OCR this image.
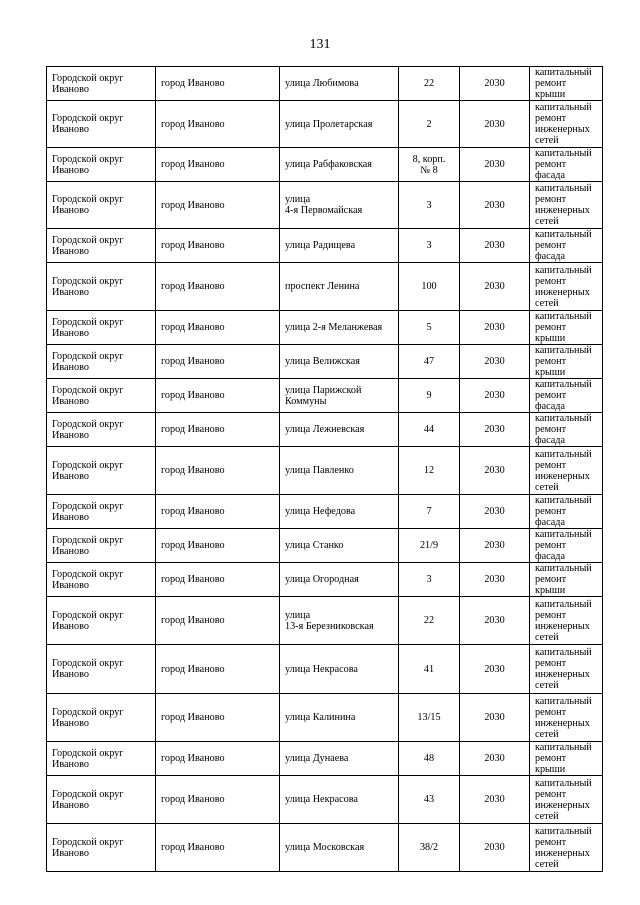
131
Городской округ
Иваново	город Иваново	улица Любимова	22	2030	капитальный
ремонт крыши

Городской округ
Иваново	город Иваново	улица Пролетарская	2	2030	капитальный
ремонт
инженерных
сетей

Городской округ
Иваново	город Иваново	улица Рабфаковская	8, корп.
№ 8	2030	капитальный
ремонт фасада

Городской округ
Иваново	город Иваново	улица
4-я Первомайская	3	2030	капитальный
ремонт
инженерных
сетей

Городской округ
Иваново	город Иваново	улица Радищева	3	2030	капитальный
ремонт фасада

Городской округ
Иваново	город Иваново	проспект Ленина	100	2030	капитальный
ремонт
инженерных
сетей

Городской округ
Иваново	город Иваново	улица 2-я Меланжевая	5	2030	капитальный
ремонт крыши

Городской округ
Иваново	город Иваново	улица Велижская	47	2030	капитальный
ремонт крыши

Городской округ
Иваново	город Иваново	улица Парижской
Коммуны	9	2030	капитальный
ремонт фасада

Городской округ
Иваново	город Иваново	улица Лежневская	44	2030	капитальный
ремонт фасада

Городской округ
Иваново	город Иваново	улица Павленко	12	2030	капитальный
ремонт
инженерных
сетей

Городской округ
Иваново	город Иваново	улица Нефедова	7	2030	капитальный
ремонт фасада

Городской округ
Иваново	город Иваново	улица Станко	21/9	2030	капитальный
ремонт фасада

Городской округ
Иваново	город Иваново	улица Огородная	3	2030	капитальный
ремонт крыши

Городской округ
Иваново	город Иваново	улица
13-я Березниковская	22	2030	капитальный
ремонт
инженерных
сетей

Городской округ
Иваново	город Иваново	улица Некрасова	41	2030	капитальный
ремонт
инженерных
сетей

Городской округ
Иваново	город Иваново	улица Калинина	13/15	2030	капитальный
ремонт
инженерных
сетей

Городской округ
Иваново	город Иваново	улица Дунаева	48	2030	капитальный
ремонт крыши

Городской округ
Иваново	город Иваново	улица Некрасова	43	2030	капитальный
ремонт
инженерных
сетей

Городской округ
Иваново	город Иваново	улица Московская	38/2	2030	капитальный
ремонт
инженерных
сетей
